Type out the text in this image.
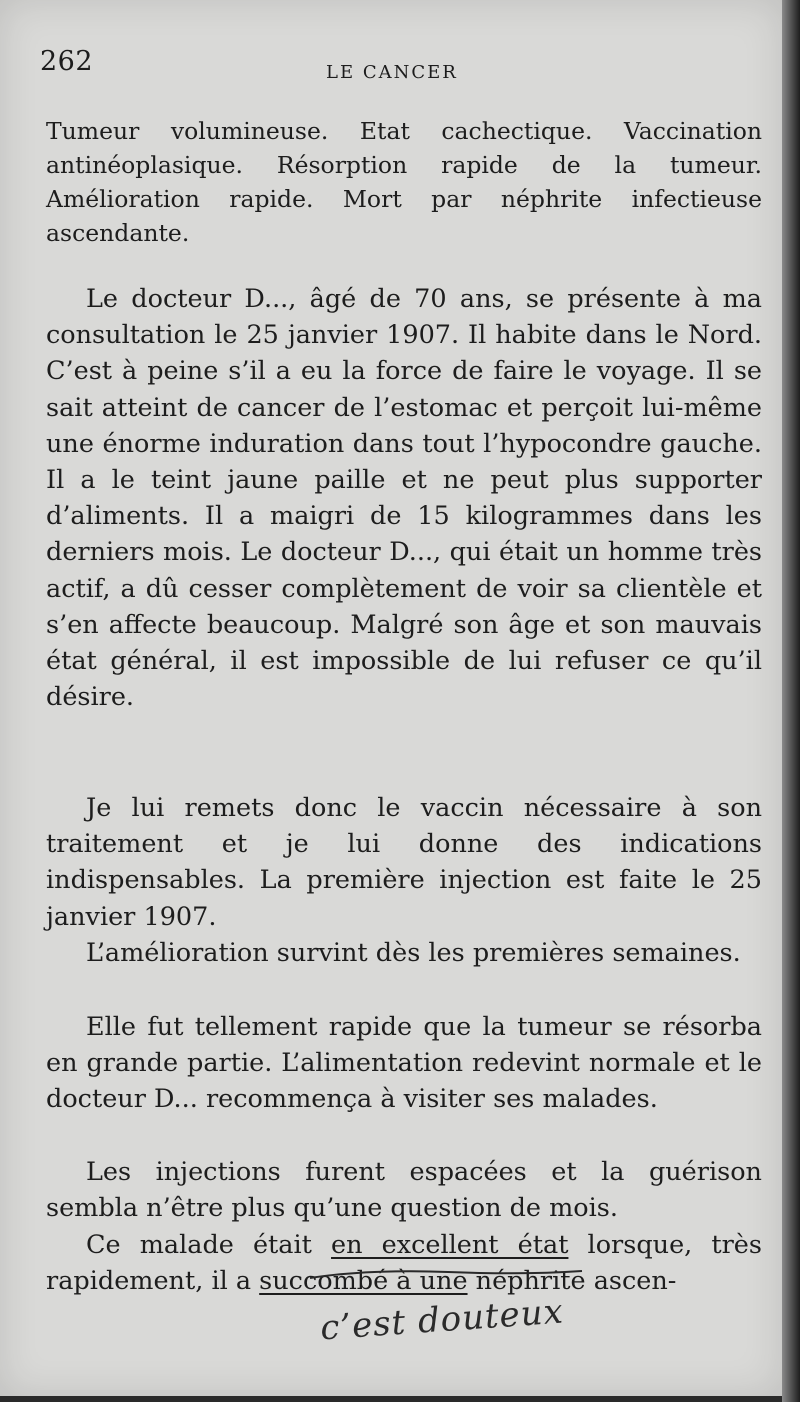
262	LE CANCER

Tumeur volumineuse. Etat cachectique. Vaccination antinéoplasique. Résorption rapide de la tumeur. Amélioration rapide. Mort par néphrite infectieuse ascendante.

Le docteur D..., âgé de 70 ans, se présente à ma consultation le 25 janvier 1907. Il habite dans le Nord. C’est à peine s’il a eu la force de faire le voyage. Il se sait atteint de cancer de l’estomac et perçoit lui-même une énorme induration dans tout l’hypocondre gauche. Il a le teint jaune paille et ne peut plus supporter d’aliments. Il a maigri de 15 kilogrammes dans les derniers mois. Le docteur D..., qui était un homme très actif, a dû cesser complètement de voir sa clientèle et s’en affecte beaucoup. Malgré son âge et son mauvais état général, il est impossible de lui refuser ce qu’il désire.

Je lui remets donc le vaccin nécessaire à son traitement et je lui donne des indications indispensables. La première injection est faite le 25 janvier 1907.

L’amélioration survint dès les premières semaines.

Elle fut tellement rapide que la tumeur se résorba en grande partie. L’alimentation redevint normale et le docteur D... recommença à visiter ses malades.

Les injections furent espacées et la guérison sembla n’être plus qu’une question de mois.

Ce malade était en excellent état lorsque, très rapidement, il a succombé à une néphrite ascen-

c’est douteux
